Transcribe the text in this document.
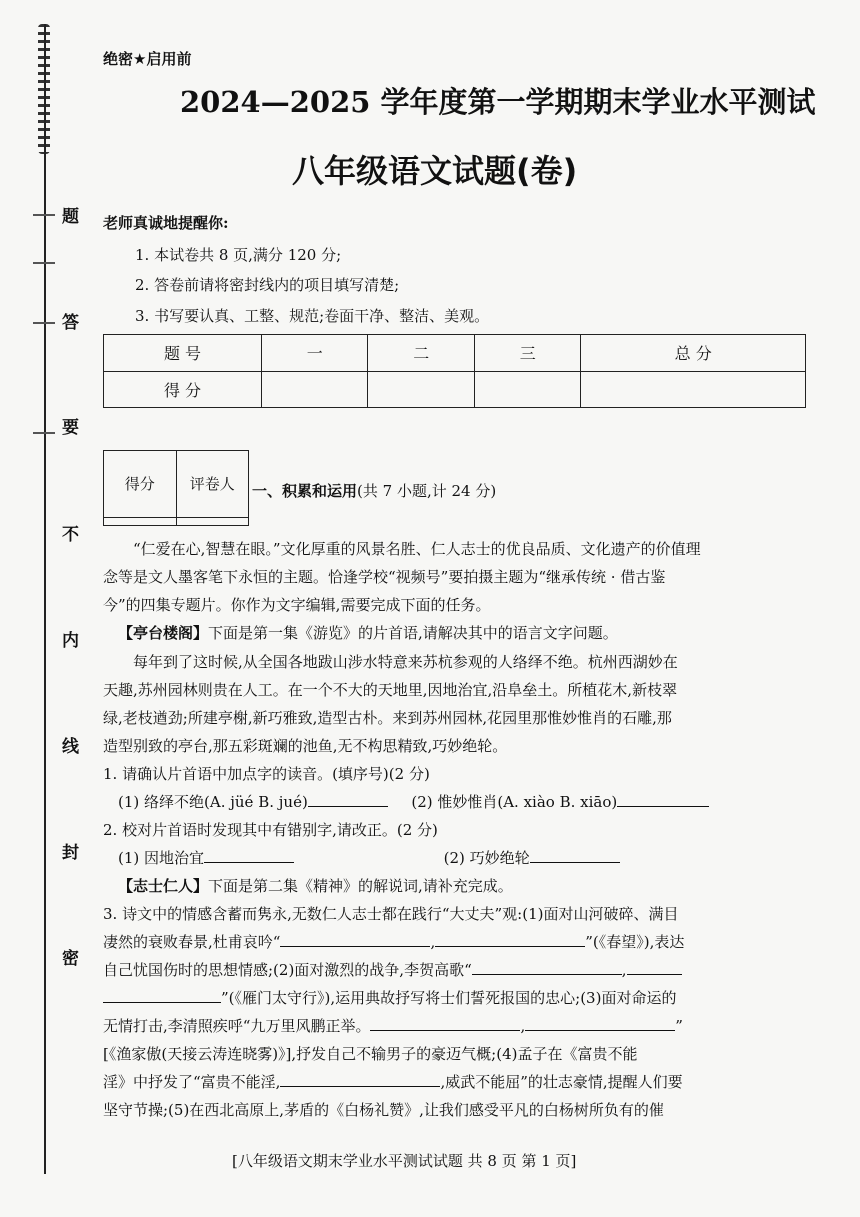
题
答
要
不
内
线
封
密
绝密★启用前
2024—2025 学年度第一学期期末学业水平测试
八年级语文试题(卷)
老师真诚地提醒你:
1. 本试卷共 8 页,满分 120 分;
2. 答卷前请将密封线内的项目填写清楚;
3. 书写要认真、工整、规范;卷面干净、整洁、美观。
题 号	一	二	三	总 分
得 分				
得分	评卷人
	一、积累和运用(共 7 小题,计 24 分)
“仁爱在心,智慧在眼。”文化厚重的风景名胜、仁人志士的优良品质、文化遗产的价值理
念等是文人墨客笔下永恒的主题。恰逢学校“视频号”要拍摄主题为“继承传统 · 借古鉴
今”的四集专题片。你作为文字编辑,需要完成下面的任务。
【亭台楼阁】下面是第一集《游览》的片首语,请解决其中的语言文字问题。
每年到了这时候,从全国各地跋山涉水特意来苏杭参观的人络绎不绝。杭州西湖妙在
天趣,苏州园林则贵在人工。在一个不大的天地里,因地治宜,沿阜垒土。所植花木,新枝翠
绿,老枝遒劲;所建亭榭,新巧雅致,造型古朴。来到苏州园林,花园里那惟妙惟肖的石雕,那
造型别致的亭台,那五彩斑斓的池鱼,无不构思精致,巧妙绝轮。
1. 请确认片首语中加点字的读音。(填序号)(2 分)
(1) 络绎不绝(A. jüé B. jué)	(2) 惟妙惟肖(A. xiào B. xiāo)
2. 校对片首语时发现其中有错别字,请改正。(2 分)
(1) 因地治宜	(2) 巧妙绝轮
【志士仁人】下面是第二集《精神》的解说词,请补充完成。
3. 诗文中的情感含蓄而隽永,无数仁人志士都在践行“大丈夫”观:(1)面对山河破碎、满目
凄然的衰败春景,杜甫哀吟“	,	”(《春望》),表达
自己忧国伤时的思想情感;(2)面对激烈的战争,李贺高歌“	,
”(《雁门太守行》),运用典故抒写将士们誓死报国的忠心;(3)面对命运的
无情打击,李清照疾呼“九万里风鹏正举。	,	”
[《渔家傲(天接云涛连晓雾)》],抒发自己不输男子的豪迈气概;(4)孟子在《富贵不能
淫》中抒发了“富贵不能淫,	,威武不能屈”的壮志豪情,提醒人们要
坚守节操;(5)在西北高原上,茅盾的《白杨礼赞》,让我们感受平凡的白杨树所负有的催
[八年级语文期末学业水平测试试题 共 8 页 第 1 页]
